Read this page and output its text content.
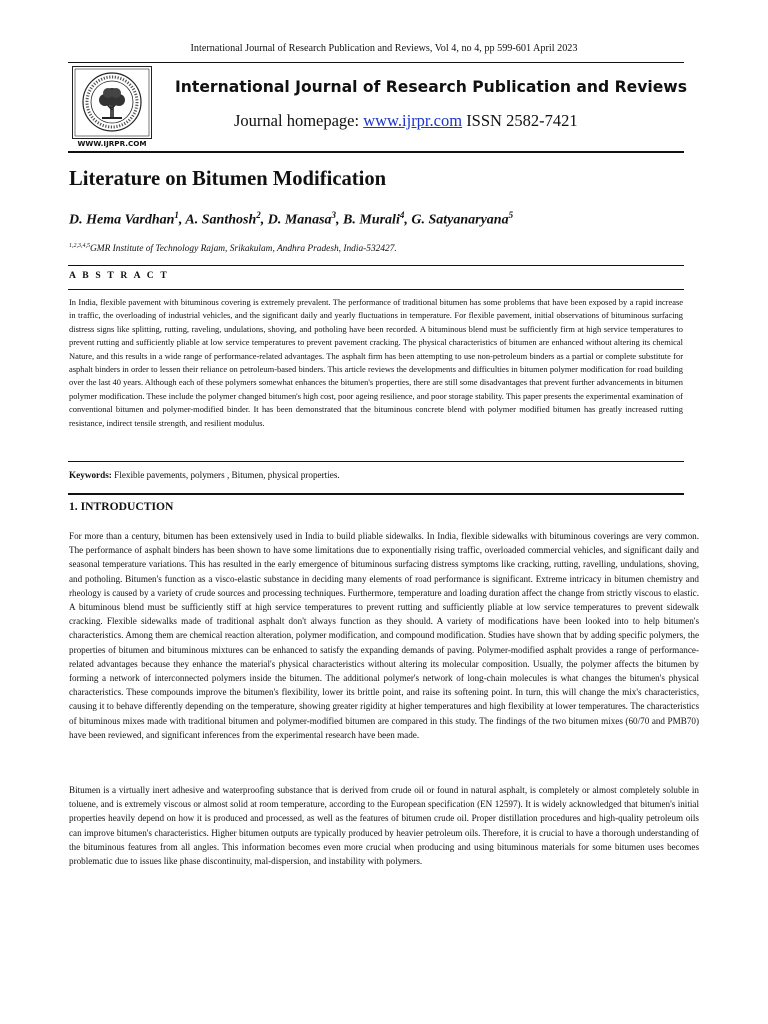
International Journal of Research Publication and Reviews, Vol 4, no 4, pp 599-601 April 2023
WWW.IJRPR.COM
International Journal of Research Publication and Reviews
Journal homepage: www.ijrpr.com ISSN 2582-7421
Literature on Bitumen Modification
D. Hema Vardhan$^1$, A. Santhosh$^2$, D. Manasa$^3$, B. Murali$^4$, G. Satyanaryana$^5$
$^{1,2,3,4,5}$GMR Institute of Technology Rajam, Srikakulam, Andhra Pradesh, India-532427.
A B S T R A C T
In India, flexible pavement with bituminous covering is extremely prevalent. The performance of traditional bitumen has some problems that have been exposed by a rapid increase in traffic, the overloading of industrial vehicles, and the significant daily and yearly fluctuations in temperature. For flexible pavement, initial observations of bituminous surfacing distress signs like splitting, rutting, raveling, undulations, shoving, and potholing have been recorded. A bituminous blend must be sufficiently firm at high service temperatures to prevent rutting and sufficiently pliable at low service temperatures to prevent pavement cracking. The physical characteristics of bitumen are enhanced without altering its chemical Nature, and this results in a wide range of performance-related advantages. The asphalt firm has been attempting to use non-petroleum binders as a partial or complete substitute for asphalt binders in order to lessen their reliance on petroleum-based binders. This article reviews the developments and difficulties in bitumen polymer modification for road building over the last 40 years. Although each of these polymers somewhat enhances the bitumen's properties, there are still some disadvantages that prevent further advancements in bitumen polymer modification. These include the polymer changed bitumen's high cost, poor ageing resilience, and poor storage stability. This paper presents the experimental examination of conventional bitumen and polymer-modified binder. It has been demonstrated that the bituminous concrete blend with polymer modified bitumen has greatly increased rutting resistance, indirect tensile strength, and resilient modulus.
Keywords: Flexible pavements, polymers , Bitumen, physical properties.
1. INTRODUCTION
For more than a century, bitumen has been extensively used in India to build pliable sidewalks. In India, flexible sidewalks with bituminous coverings are very common. The performance of asphalt binders has been shown to have some limitations due to exponentially rising traffic, overloaded commercial vehicles, and significant daily and seasonal temperature variations. This has resulted in the early emergence of bituminous surfacing distress symptoms like cracking, rutting, ravelling, undulations, shoving, and potholing. Bitumen's function as a visco-elastic substance in deciding many elements of road performance is significant. Extreme intricacy in bitumen chemistry and rheology is caused by a variety of crude sources and processing techniques. Furthermore, temperature and loading duration affect the change from strictly viscous to elastic. A bituminous blend must be sufficiently stiff at high service temperatures to prevent rutting and sufficiently pliable at low service temperatures to prevent sidewalk cracking. Flexible sidewalks made of traditional asphalt don't always function as they should. A variety of modifications have been looked into to help bitumen's characteristics. Among them are chemical reaction alteration, polymer modification, and compound modification. Studies have shown that by adding specific polymers, the properties of bitumen and bituminous mixtures can be enhanced to satisfy the expanding demands of paving. Polymer-modified asphalt provides a range of performance-related advantages because they enhance the material's physical characteristics without altering its molecular composition. Usually, the polymer affects the bitumen by forming a network of interconnected polymers inside the bitumen. The additional polymer's network of long-chain molecules is what changes the bitumen's physical characteristics. These compounds improve the bitumen's flexibility, lower its brittle point, and raise its softening point. In turn, this will change the mix's characteristics, causing it to behave differently depending on the temperature, showing greater rigidity at higher temperatures and high flexibility at lower temperatures. The characteristics of bituminous mixes made with traditional bitumen and polymer-modified bitumen are compared in this study. The findings of the two bitumen mixes (60/70 and PMB70) have been reviewed, and significant inferences from the experimental research have been made.
Bitumen is a virtually inert adhesive and waterproofing substance that is derived from crude oil or found in natural asphalt, is completely or almost completely soluble in toluene, and is extremely viscous or almost solid at room temperature, according to the European specification (EN 12597). It is widely acknowledged that bitumen's initial properties heavily depend on how it is produced and processed, as well as the features of bitumen crude oil. Proper distillation procedures and high-quality petroleum oils can improve bitumen's characteristics. Higher bitumen outputs are typically produced by heavier petroleum oils. Therefore, it is crucial to have a thorough understanding of the bituminous features from all angles. This information becomes even more crucial when producing and using bituminous materials for some bitumen uses becomes problematic due to issues like phase discontinuity, mal-dispersion, and instability with polymers.
